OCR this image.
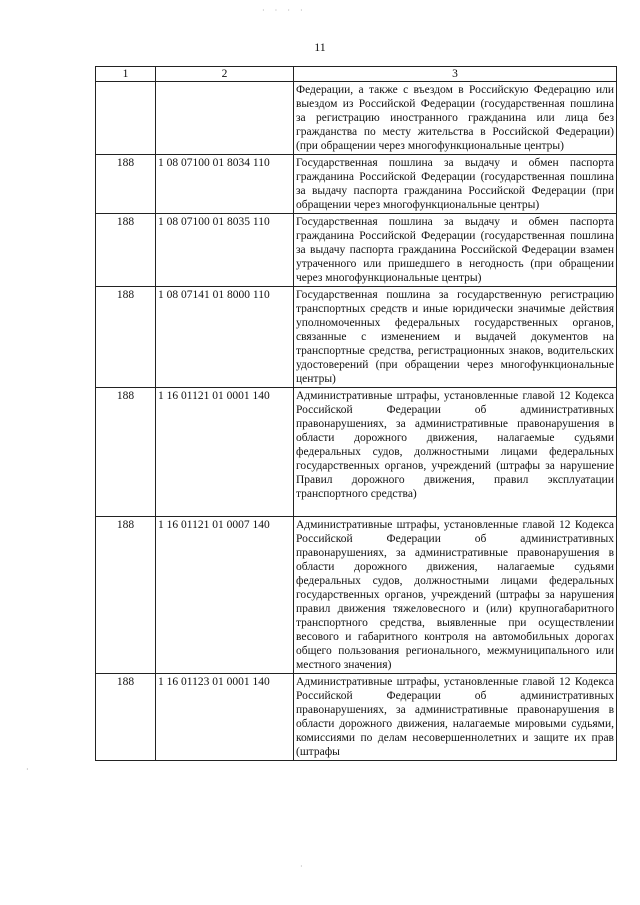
· · · ·
11
1	2	3
		Федерации, а также с въездом в Российскую Федерацию или выездом из Российской Федерации (государственная пошлина за регистрацию иностранного гражданина или лица без гражданства по месту жительства в Российской Федерации) (при обращении через многофункциональные центры)
188	1 08 07100 01 8034 110	Государственная пошлина за выдачу и обмен паспорта гражданина Российской Федерации (государственная пошлина за выдачу паспорта гражданина Российской Федерации (при обращении через многофункциональные центры)
188	1 08 07100 01 8035 110	Государственная пошлина за выдачу и обмен паспорта гражданина Российской Федерации (государственная пошлина за выдачу паспорта гражданина Российской Федерации взамен утраченного или пришедшего в негодность (при обращении через многофункциональные центры)
188	1 08 07141 01 8000 110	Государственная пошлина за государственную регистрацию транспортных средств и иные юридически значимые действия уполномоченных федеральных государственных органов, связанные с изменением и выдачей документов на транспортные средства, регистрационных знаков, водительских удостоверений (при обращении через многофункциональные центры)
188	1 16 01121 01 0001 140	Административные штрафы, установленные главой 12 Кодекса Российской Федерации об административных правонарушениях, за административные правонарушения в области дорожного движения, налагаемые судьями федеральных судов, должностными лицами федеральных государственных органов, учреждений (штрафы за нарушение Правил дорожного движения, правил эксплуатации транспортного средства)
188	1 16 01121 01 0007 140	Административные штрафы, установленные главой 12 Кодекса Российской Федерации об административных правонарушениях, за административные правонарушения в области дорожного движения, налагаемые судьями федеральных судов, должностными лицами федеральных государственных органов, учреждений (штрафы за нарушения правил движения тяжеловесного и (или) крупногабаритного транспортного средства, выявленные при осуществлении весового и габаритного контроля на автомобильных дорогах общего пользования регионального, межмуниципального или местного значения)
188	1 16 01123 01 0001 140	Административные штрафы, установленные главой 12 Кодекса Российской Федерации об административных правонарушениях, за административные правонарушения в области дорожного движения, налагаемые мировыми судьями, комиссиями по делам несовершеннолетних и защите их прав (штрафы
·
·
